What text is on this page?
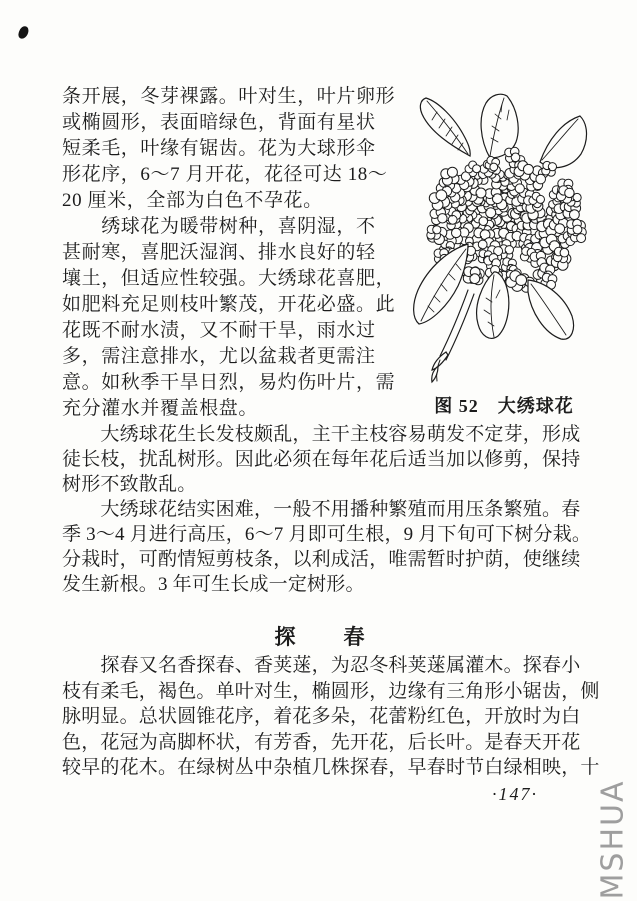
条开展，冬芽裸露。叶对生，叶片卵形
或椭圆形，表面暗绿色，背面有星状
短柔毛，叶缘有锯齿。花为大球形伞
形花序，6～7 月开花，花径可达 18～
20 厘米，全部为白色不孕花。
　　绣球花为暖带树种，喜阴湿，不
甚耐寒，喜肥沃湿润、排水良好的轻
壤土，但适应性较强。大绣球花喜肥，
如肥料充足则枝叶繁茂，开花必盛。此
花既不耐水渍，又不耐干旱，雨水过
多，需注意排水，尤以盆栽者更需注
意。如秋季干旱日烈，易灼伤叶片，需
充分灌水并覆盖根盘。	图 52　大绣球花
　　大绣球花生长发枝颇乱，主干主枝容易萌发不定芽，形成
徒长枝，扰乱树形。因此必须在每年花后适当加以修剪，保持
树形不致散乱。
　　大绣球花结实困难，一般不用播种繁殖而用压条繁殖。春
季 3～4 月进行高压，6～7 月即可生根，9 月下旬可下树分栽。
分栽时，可酌情短剪枝条，以利成活，唯需暂时护荫，使继续
发生新根。3 年可生长成一定树形。
探　　春
　　探春又名香探春、香荚蒾，为忍冬科荚蒾属灌木。探春小
枝有柔毛，褐色。单叶对生，椭圆形，边缘有三角形小锯齿，侧
脉明显。总状圆锥花序，着花多朵，花蕾粉红色，开放时为白
色，花冠为高脚杯状，有芳香，先开花，后长叶。是春天开花
较早的花木。在绿树丛中杂植几株探春，早春时节白绿相映，十
·147· MSHUA
